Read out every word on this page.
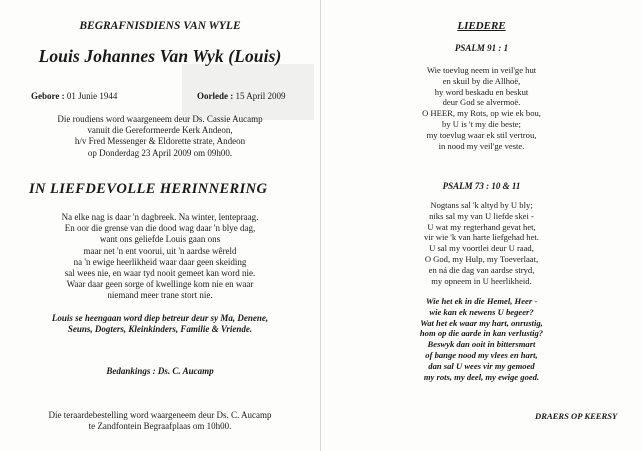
BEGRAFNISDIENS VAN WYLE
Louis Johannes Van Wyk (Louis)
Gebore : 01 Junie 1944	Oorlede : 15 April 2009
Die roudiens word waargeneem deur Ds. Cassie Aucamp
vanuit die Gereformeerde Kerk Andeon,
h/v Fred Messenger & Eldorette strate, Andeon
op Donderdag 23 April 2009 om 09h00.
IN LIEFDEVOLLE HERINNERING
Na elke nag is daar 'n dagbreek. Na winter, lentepraag.
En oor die grense van die dood wag daar 'n blye dag,
want ons geliefde Louis gaan ons
maar net 'n ent voorui, uit 'n aardse wêreld
na 'n ewige heerlikheid waar daar geen skeiding
sal wees nie, en waar tyd nooit gemeet kan word nie.
Waar daar geen sorge of kwellinge kom nie en waar
niemand meer trane stort nie.
Louis se heengaan word diep betreur deur sy Ma, Denene,
Seuns, Dogters, Kleinkinders, Familie & Vriende.
Bedankings : Ds. C. Aucamp
Die teraardebestelling word waargeneem deur Ds. C. Aucamp
te Zandfontein Begraafplaas om 10h00.
LIEDERE
PSALM 91 : 1
Wie toevlug neem in veil'ge hut
en skuil by die Allhoë,
hy word beskadu en beskut
deur God se alvermoë.
O HEER, my Rots, op wie ek bou,
by U is 't my die beste;
my toevlug waar ek stil vertrou,
in nood my veil'ge veste.
PSALM 73 : 10 & 11
Nogtans sal 'k altyd by U bly;
niks sal my van U liefde skei -
U wat my regterhand gevat het,
vir wie 'k van harte liefgehad het.
U sal my voortlei deur U raad,
O God, my Hulp, my Toeverlaat,
en ná die dag van aardse stryd,
my opneem in U heerlikheid.
Wie het ek in die Hemel, Heer -
wie kan ek newens U begeer?
Wat het ek waar my hart, onrustig,
hom op die aarde in kan verlustig?
Beswyk dan ooit in bittersmart
of bange nood my vlees en hart,
dan sal U wees vir my gemoed
my rots, my deel, my ewige goed.
DRAERS OP KEERSY
